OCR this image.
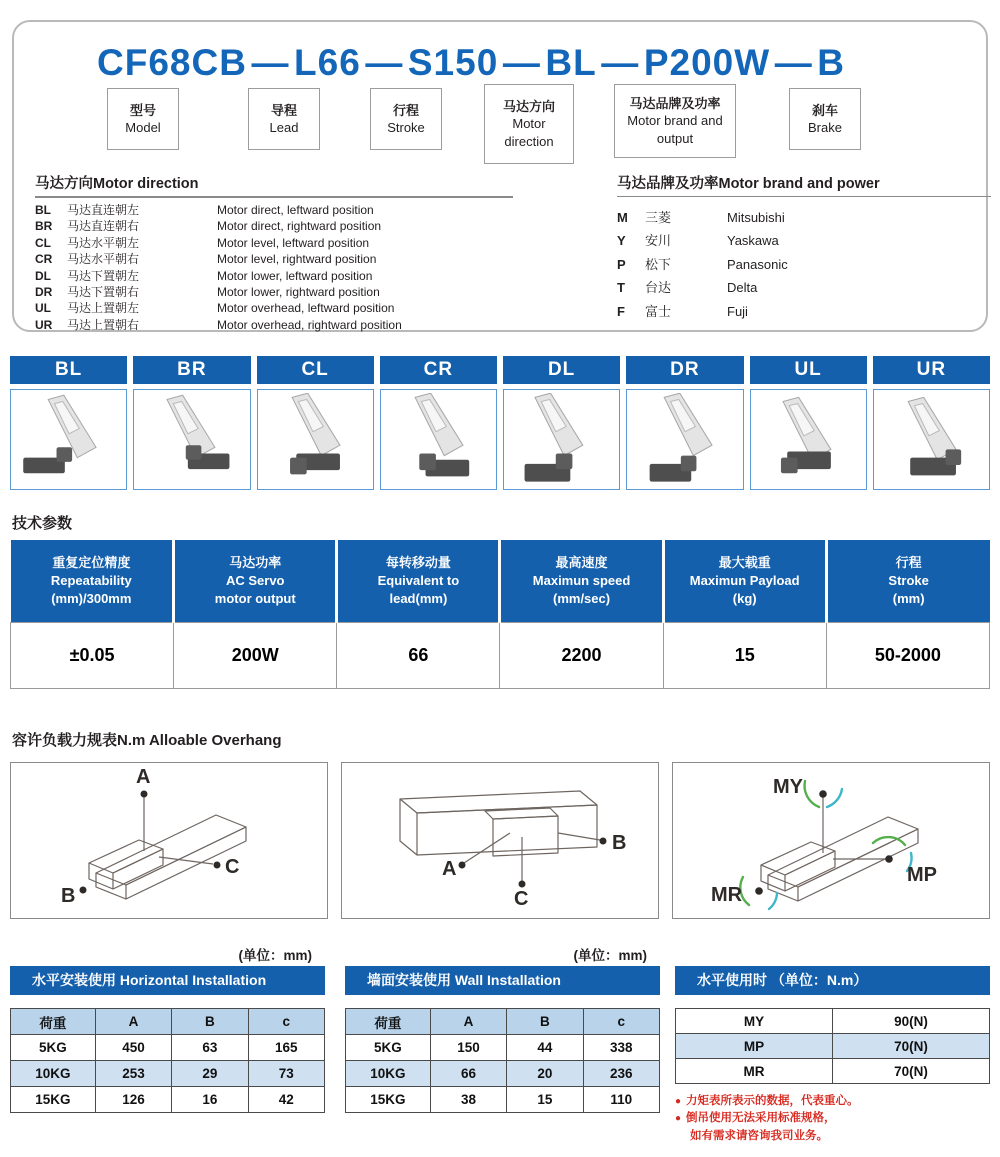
CF68CB — L66 — S150 — BL — P200W — B
型号
Model
导程
Lead
行程
Stroke
马达方向
Motor direction
马达品牌及功率
Motor brand and output
刹车
Brake
马达方向Motor direction
BL	马达直连朝左	Motor direct, leftward position
BR	马达直连朝右	Motor direct, rightward position
CL	马达水平朝左	Motor level, leftward position
CR	马达水平朝右	Motor level, rightward position
DL	马达下置朝左	Motor lower, leftward position
DR	马达下置朝右	Motor lower, rightward position
UL	马达上置朝左	Motor overhead, leftward position
UR	马达上置朝右	Motor overhead, rightward position
马达品牌及功率Motor brand and power
M	三菱	Mitsubishi
Y	安川	Yaskawa
P	松下	Panasonic
T	台达	Delta
F	富士	Fuji
BL	BR	CL	CR	DL	DR	UL	UR
技术参数
重复定位精度
Repeatability
(mm)/300mm

马达功率
AC Servo
motor output

每转移动量
Equivalent to
lead(mm)

最高速度
Maximun speed
(mm/sec)

最大载重
Maximun Payload
(kg)

行程
Stroke
(mm)

±0.05	200W	66	2200	15	50-2000
容许负载力规表N.m Alloable Overhang
A
C
B
A
C
B
MY
MP
MR
(单位：mm)	(单位：mm)
水平安装使用 Horizontal Installation
荷重	A	B	c
5KG	450	63	165
10KG	253	29	73
15KG	126	16	42
墙面安装使用 Wall Installation
荷重	A	B	c
5KG	150	44	338
10KG	66	20	236
15KG	38	15	110
水平使用时 （单位：N.m）
MY	90(N)
MP	70(N)
MR	70(N)
● 力矩表所表示的数据，代表重心。
● 倒吊使用无法采用标准规格，
如有需求请咨询我司业务。
